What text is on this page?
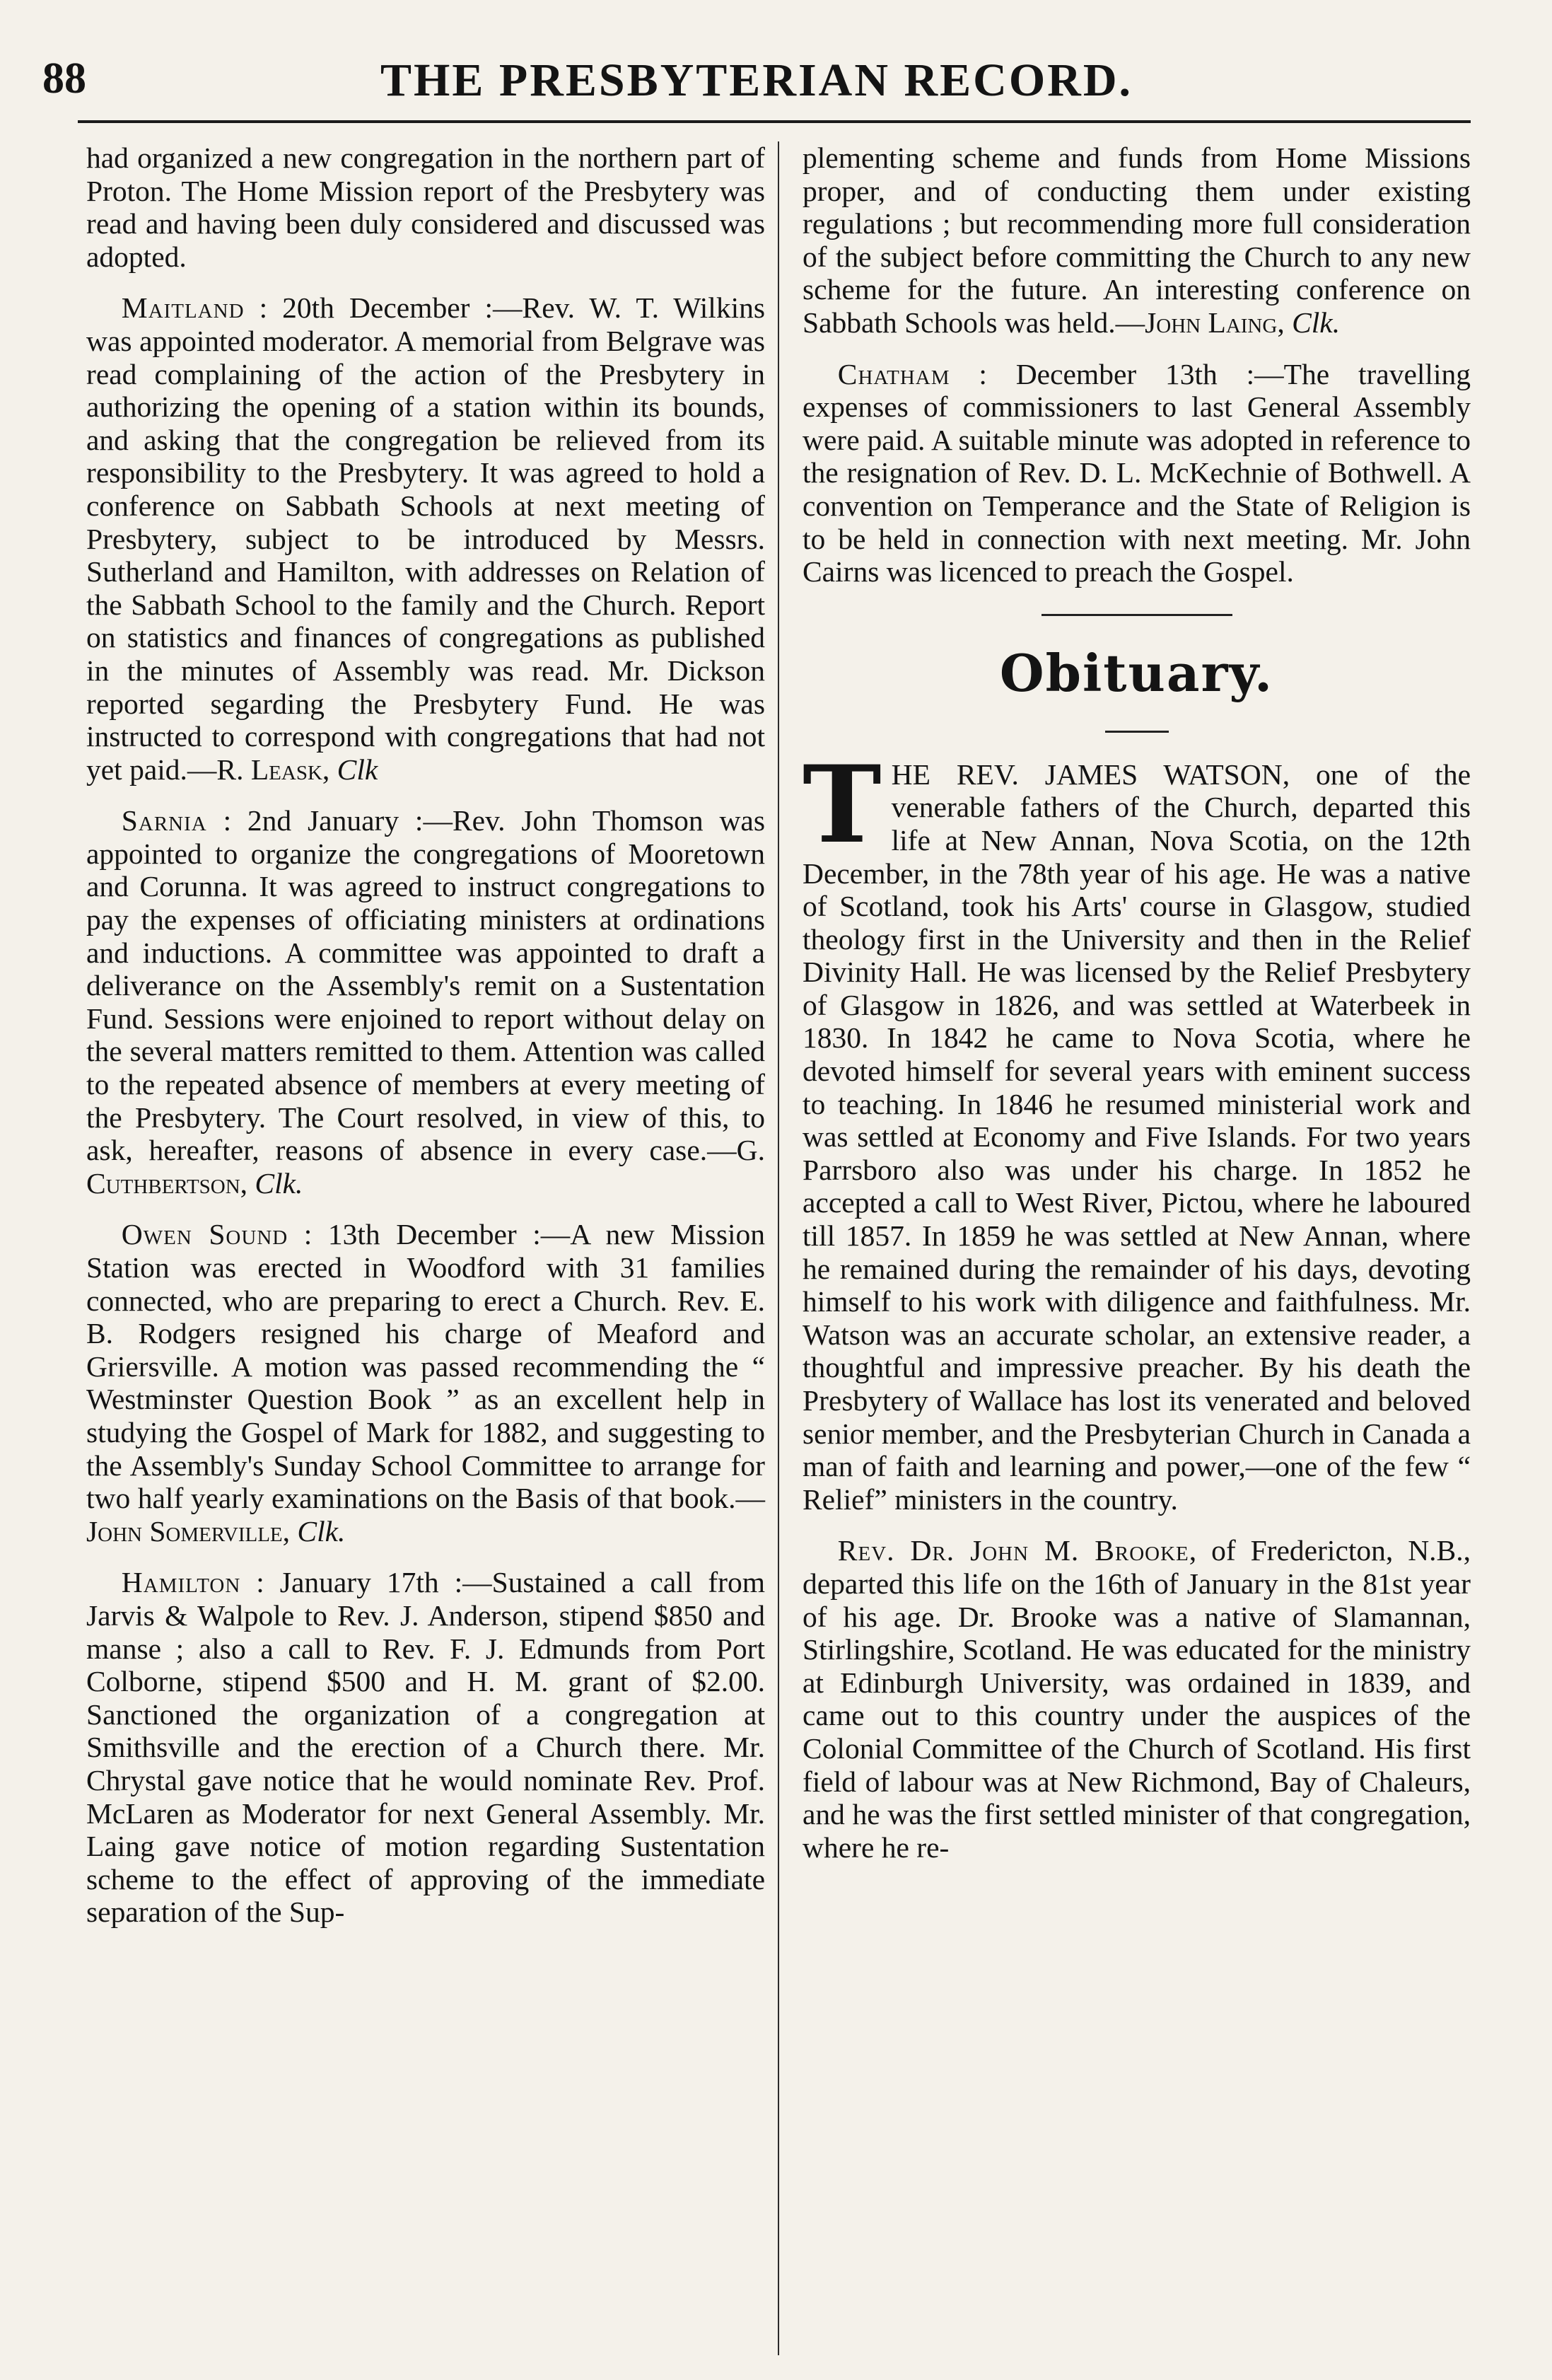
88	THE PRESBYTERIAN RECORD.

had organized a new congregation in the northern part of Proton. The Home Mission report of the Presbytery was read and having been duly considered and discussed was adopted.

Maitland : 20th December :—Rev. W. T. Wilkins was appointed moderator. A memorial from Belgrave was read complaining of the action of the Presbytery in authorizing the opening of a station within its bounds, and asking that the congregation be relieved from its responsibility to the Presbytery. It was agreed to hold a conference on Sabbath Schools at next meeting of Presbytery, subject to be introduced by Messrs. Sutherland and Hamilton, with addresses on Relation of the Sabbath School to the family and the Church. Report on statistics and finances of congregations as published in the minutes of Assembly was read. Mr. Dickson reported segarding the Presbytery Fund. He was instructed to correspond with congregations that had not yet paid.—R. Leask, Clk

Sarnia : 2nd January :—Rev. John Thomson was appointed to organize the congregations of Mooretown and Corunna. It was agreed to instruct congregations to pay the expenses of officiating ministers at ordinations and inductions. A committee was appointed to draft a deliverance on the Assembly's remit on a Sustentation Fund. Sessions were enjoined to report without delay on the several matters remitted to them. Attention was called to the repeated absence of members at every meeting of the Presbytery. The Court resolved, in view of this, to ask, hereafter, reasons of absence in every case.—G. Cuthbertson, Clk.

Owen Sound : 13th December :—A new Mission Station was erected in Woodford with 31 families connected, who are preparing to erect a Church. Rev. E. B. Rodgers resigned his charge of Meaford and Griersville. A motion was passed recommending the “ Westminster Question Book ” as an excellent help in studying the Gospel of Mark for 1882, and suggesting to the Assembly's Sunday School Committee to arrange for two half yearly examinations on the Basis of that book.—John Somerville, Clk.

Hamilton : January 17th :—Sustained a call from Jarvis & Walpole to Rev. J. Anderson, stipend $850 and manse ; also a call to Rev. F. J. Edmunds from Port Colborne, stipend $500 and H. M. grant of $2.00. Sanctioned the organization of a congregation at Smithsville and the erection of a Church there. Mr. Chrystal gave notice that he would nominate Rev. Prof. McLaren as Moderator for next General Assembly. Mr. Laing gave notice of motion regarding Sustentation scheme to the effect of approving of the immediate separation of the Sup-

plementing scheme and funds from Home Missions proper, and of conducting them under existing regulations ; but recommending more full consideration of the subject before committing the Church to any new scheme for the future. An interesting conference on Sabbath Schools was held.—John Laing, Clk.

Chatham : December 13th :—The travelling expenses of commissioners to last General Assembly were paid. A suitable minute was adopted in reference to the resignation of Rev. D. L. McKechnie of Bothwell. A convention on Temperance and the State of Religion is to be held in connection with next meeting. Mr. John Cairns was licenced to preach the Gospel.

Obituary.

THE REV. JAMES WATSON, one of the venerable fathers of the Church, departed this life at New Annan, Nova Scotia, on the 12th December, in the 78th year of his age. He was a native of Scotland, took his Arts' course in Glasgow, studied theology first in the University and then in the Relief Divinity Hall. He was licensed by the Relief Presbytery of Glasgow in 1826, and was settled at Waterbeek in 1830. In 1842 he came to Nova Scotia, where he devoted himself for several years with eminent success to teaching. In 1846 he resumed ministerial work and was settled at Economy and Five Islands. For two years Parrsboro also was under his charge. In 1852 he accepted a call to West River, Pictou, where he laboured till 1857. In 1859 he was settled at New Annan, where he remained during the remainder of his days, devoting himself to his work with diligence and faithfulness. Mr. Watson was an accurate scholar, an extensive reader, a thoughtful and impressive preacher. By his death the Presbytery of Wallace has lost its venerated and beloved senior member, and the Presbyterian Church in Canada a man of faith and learning and power,—one of the few “ Relief” ministers in the country.

Rev. Dr. John M. Brooke, of Fredericton, N.B., departed this life on the 16th of January in the 81st year of his age. Dr. Brooke was a native of Slamannan, Stirlingshire, Scotland. He was educated for the ministry at Edinburgh University, was ordained in 1839, and came out to this country under the auspices of the Colonial Committee of the Church of Scotland. His first field of labour was at New Richmond, Bay of Chaleurs, and he was the first settled minister of that congregation, where he re-
